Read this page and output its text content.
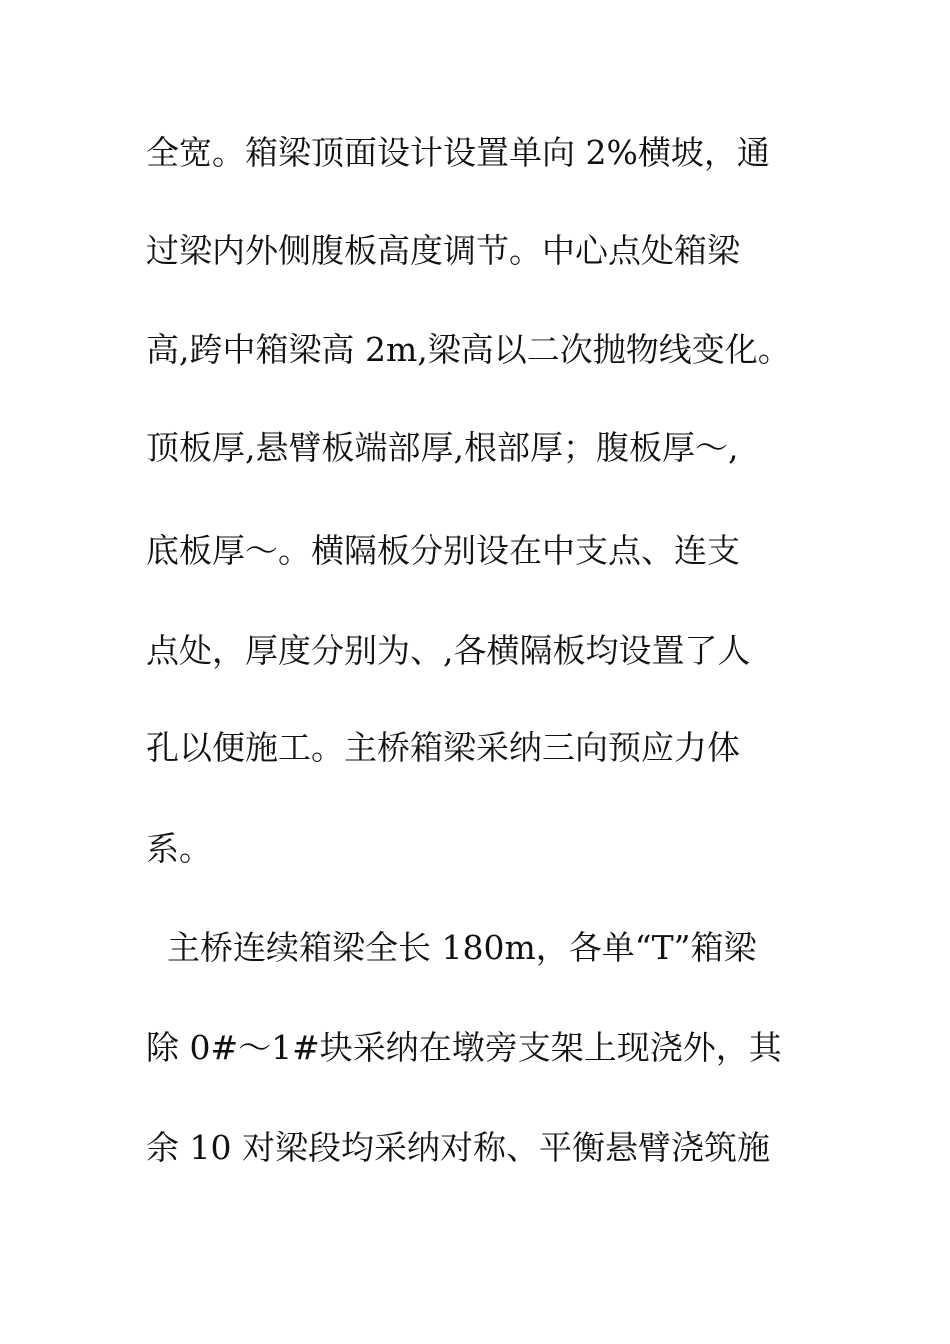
全宽。箱梁顶面设计设置单向 2%横坡，通
过梁内外侧腹板高度调节。中心点处箱梁
高,跨中箱梁高 2m,梁高以二次抛物线变化。
顶板厚,悬臂板端部厚,根部厚；腹板厚～,
底板厚～。横隔板分别设在中支点、连支
点处，厚度分别为、,各横隔板均设置了人
孔以便施工。主桥箱梁采纳三向预应力体
系。
主桥连续箱梁全长 180m，各单“T”箱梁
除 0#～1#块采纳在墩旁支架上现浇外，其
余 10 对梁段均采纳对称、平衡悬臂浇筑施
